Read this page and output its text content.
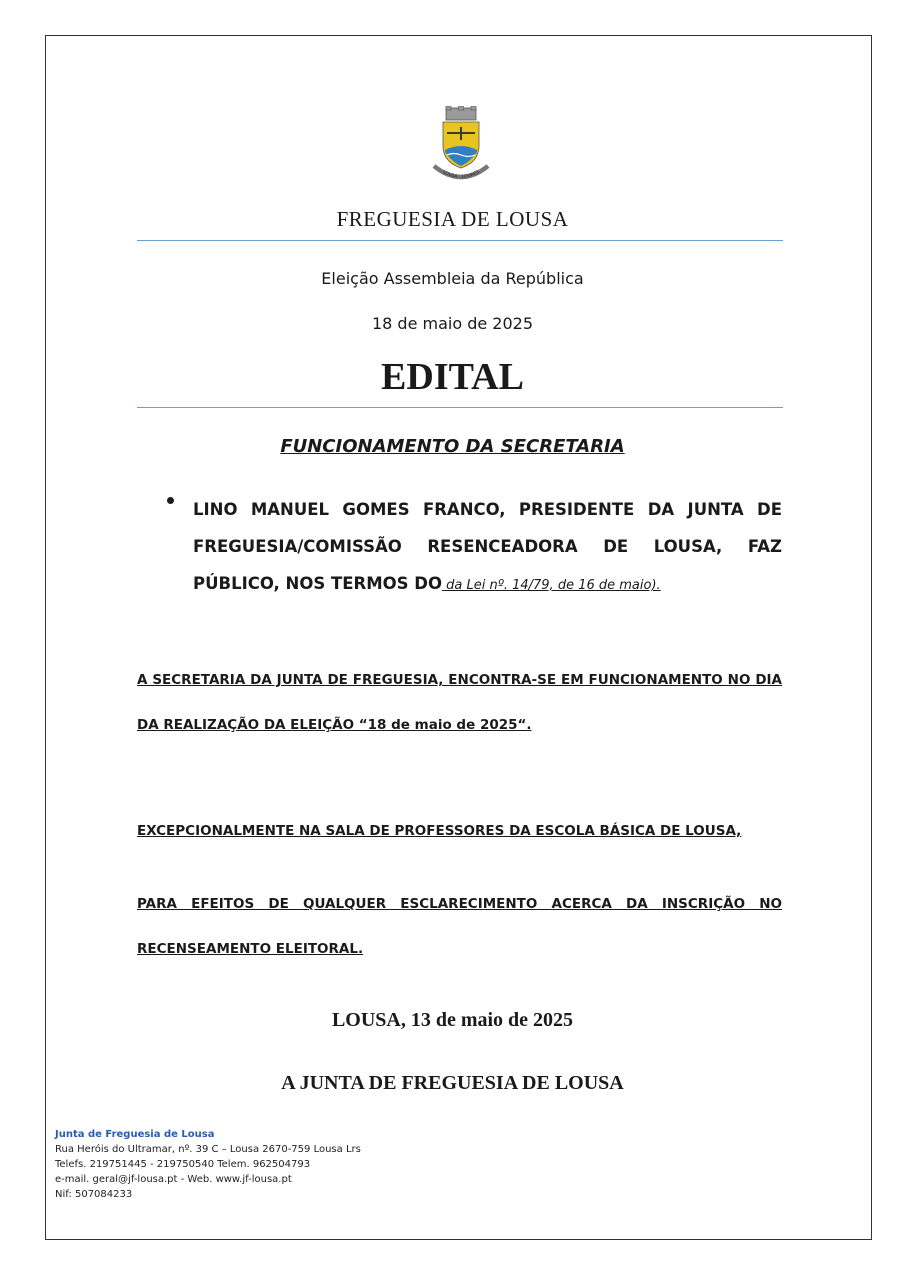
LOUSA - LOURES
FREGUESIA DE LOUSA
Eleição Assembleia da República
18 de maio de 2025
EDITAL
FUNCIONAMENTO DA SECRETARIA
LINO MANUEL GOMES FRANCO, PRESIDENTE DA JUNTA DE FREGUESIA/COMISSÃO RESENCEADORA DE LOUSA, FAZ PÚBLICO, NOS TERMOS DO da Lei nº. 14/79, de 16 de maio).
A SECRETARIA DA JUNTA DE FREGUESIA, ENCONTRA-SE EM FUNCIONAMENTO NO DIA DA REALIZAÇÃO DA ELEIÇÃO “18 de maio de 2025“.
EXCEPCIONALMENTE NA SALA DE PROFESSORES DA ESCOLA BÁSICA DE LOUSA,
PARA EFEITOS DE QUALQUER ESCLARECIMENTO ACERCA DA INSCRIÇÃO NO RECENSEAMENTO ELEITORAL.
LOUSA, 13 de maio de 2025
A JUNTA DE FREGUESIA DE LOUSA
Junta de Freguesia de Lousa
Rua Heróis do Ultramar, nº. 39 C – Lousa 2670-759 Lousa Lrs
Telefs. 219751445 - 219750540 Telem. 962504793
e-mail. geral@jf-lousa.pt - Web. www.jf-lousa.pt
Nif: 507084233
